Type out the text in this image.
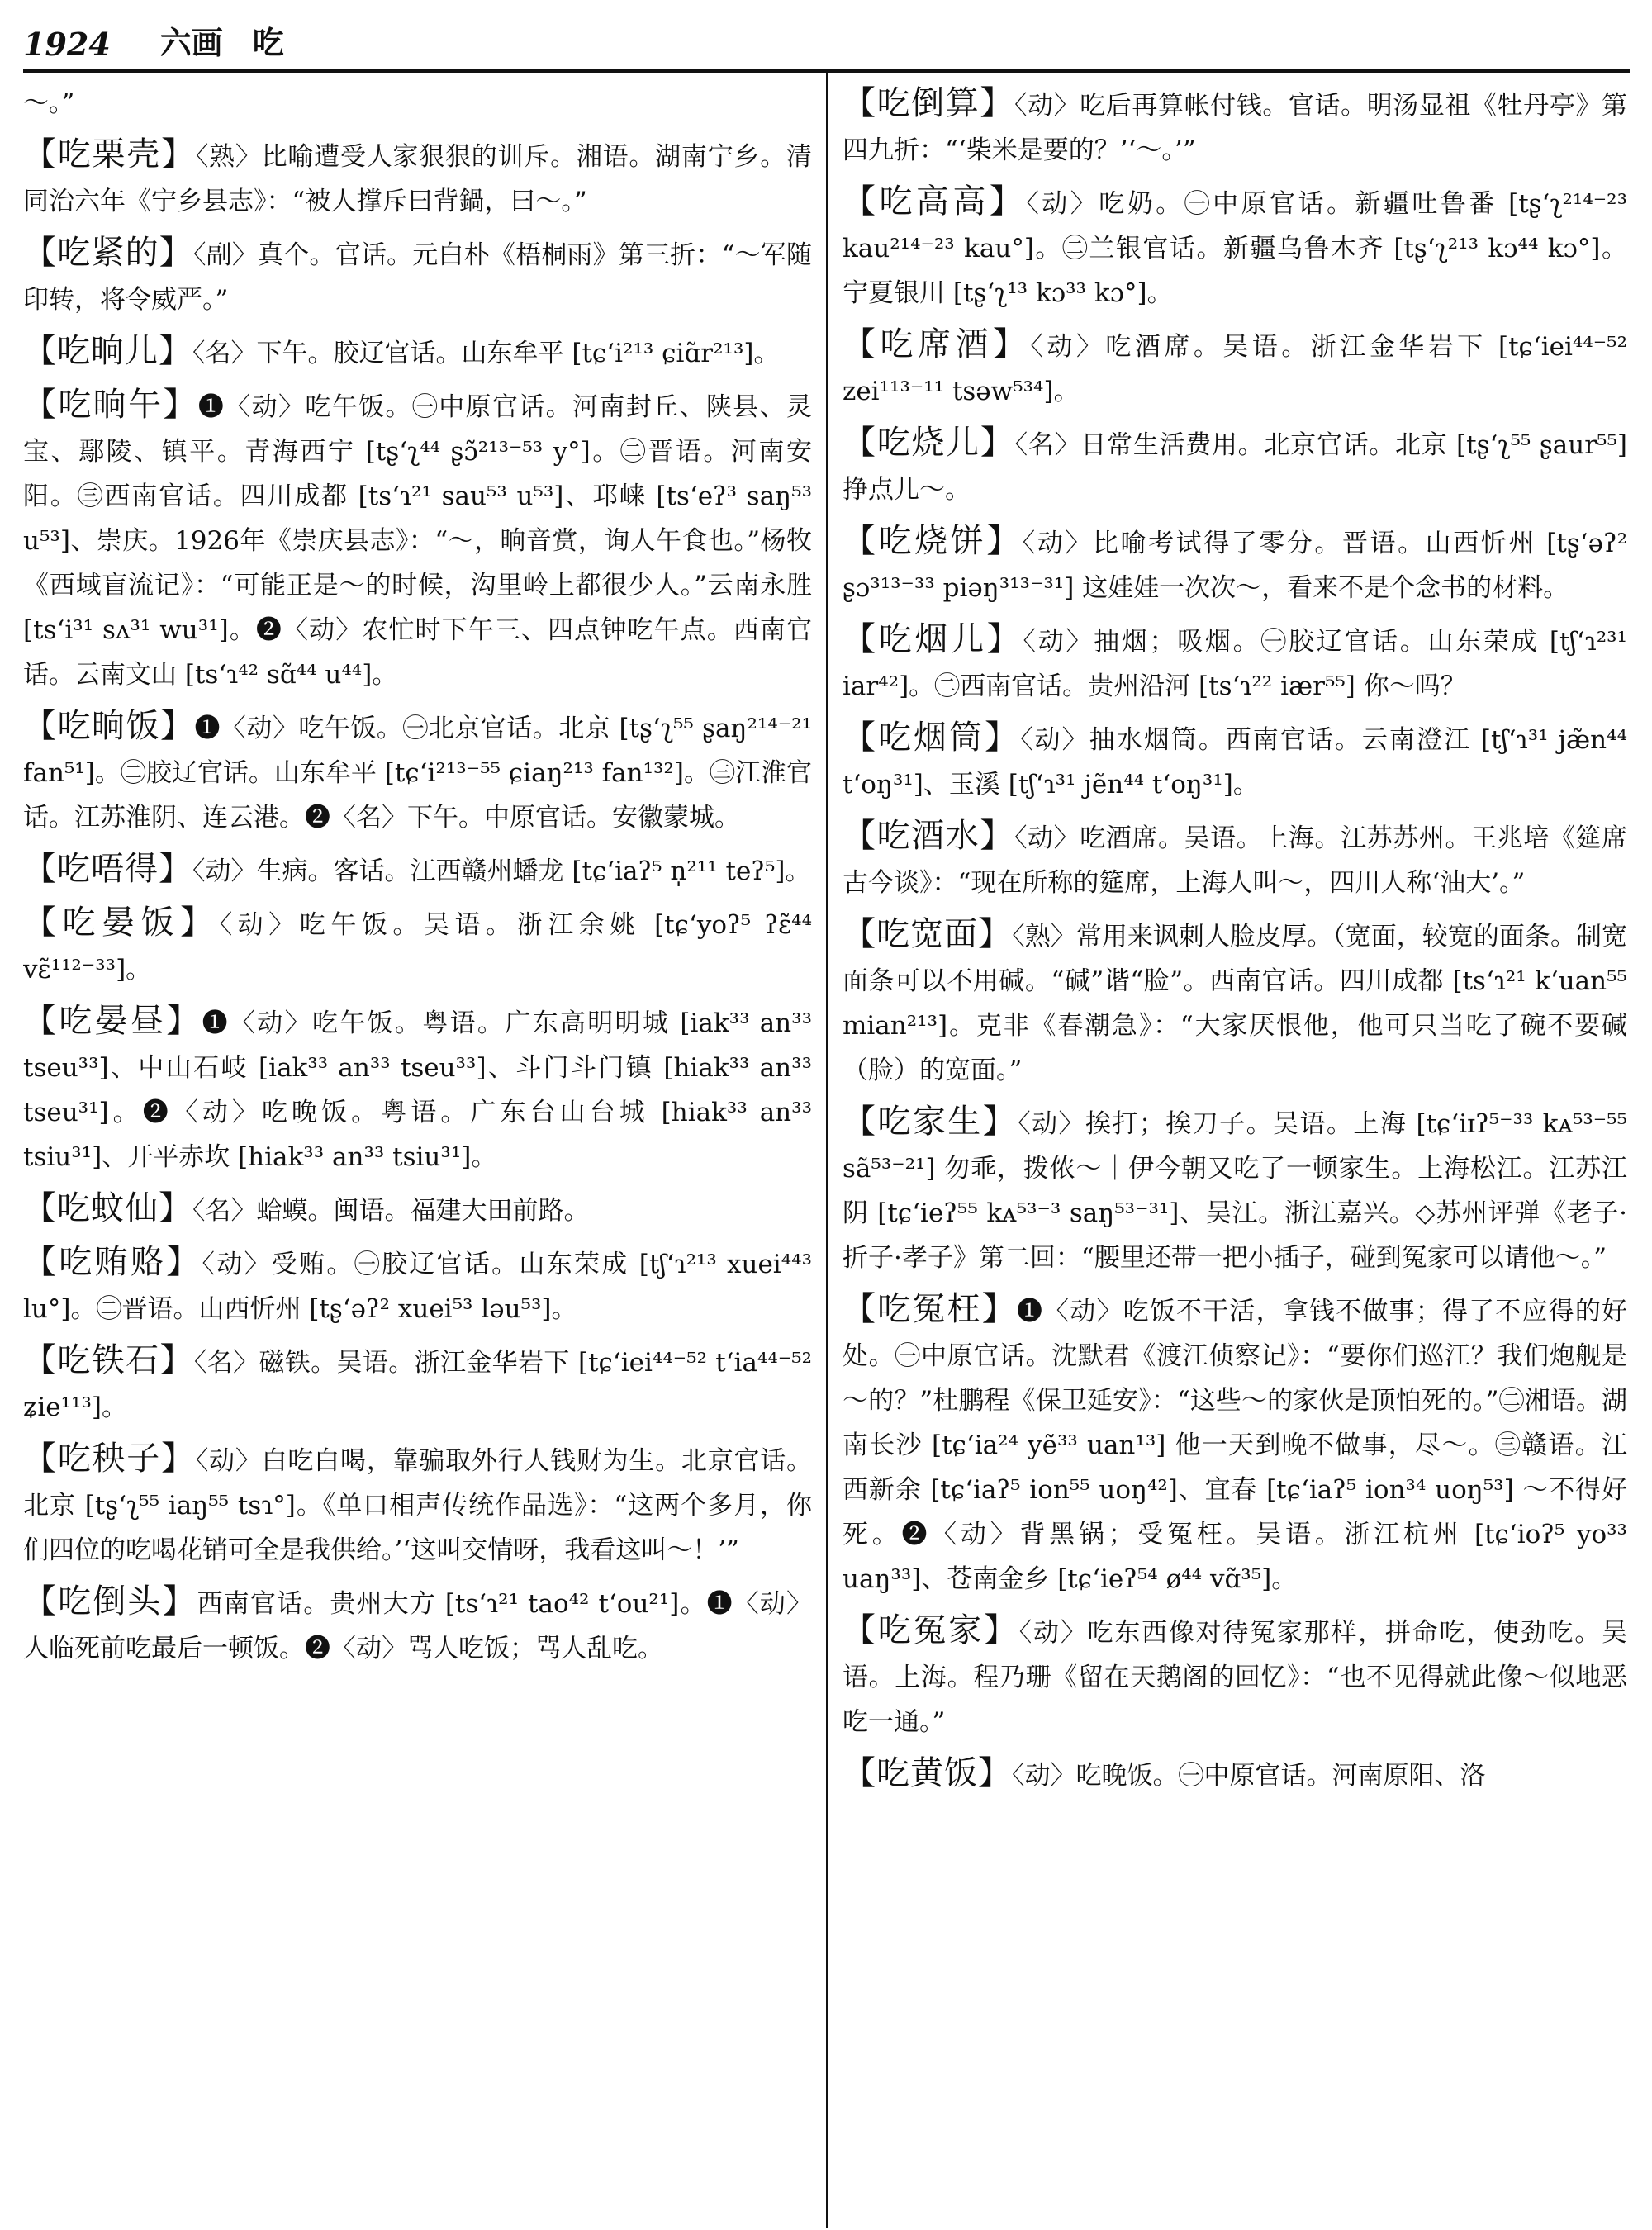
1924 六画 吃

～。”

【吃栗壳】〈熟〉比喻遭受人家狠狠的训斥。湘语。湖南宁乡。清同治六年《宁乡县志》：“被人撑斥曰背鍋，曰～。”

【吃紧的】〈副〉真个。官话。元白朴《梧桐雨》第三折：“～军随印转，将令威严。”

【吃晌儿】〈名〉下午。胶辽官话。山东牟平 [tɕʻi²¹³ ɕiɑ̃r²¹³]。

【吃晌午】❶〈动〉吃午饭。㊀中原官话。河南封丘、陕县、灵宝、鄢陵、镇平。青海西宁 [tʂʻʅ⁴⁴ ʂɔ̃²¹³⁻⁵³ y°]。㊁晋语。河南安阳。㊂西南官话。四川成都 [tsʻɿ²¹ sau⁵³ u⁵³]、邛崃 [tsʻeʔ³ saŋ⁵³ u⁵³]、崇庆。1926年《崇庆县志》：“～，晌音赏，询人午食也。”杨牧《西域盲流记》：“可能正是～的时候，沟里岭上都很少人。”云南永胜 [tsʻi³¹ sʌ³¹ wu³¹]。❷〈动〉农忙时下午三、四点钟吃午点。西南官话。云南文山 [tsʻɿ⁴² sɑ̃⁴⁴ u⁴⁴]。

【吃晌饭】❶〈动〉吃午饭。㊀北京官话。北京 [tʂʻʅ⁵⁵ ʂaŋ²¹⁴⁻²¹ fan⁵¹]。㊁胶辽官话。山东牟平 [tɕʻi²¹³⁻⁵⁵ ɕiaŋ²¹³ fan¹³²]。㊂江淮官话。江苏淮阴、连云港。❷〈名〉下午。中原官话。安徽蒙城。

【吃唔得】〈动〉生病。客话。江西赣州蟠龙 [tɕʻiaʔ⁵ n̩²¹¹ teʔ⁵]。

【吃晏饭】〈动〉吃午饭。吴语。浙江余姚 [tɕʻyoʔ⁵ ʔɛ̃⁴⁴ vɛ̃¹¹²⁻³³]。

【吃晏昼】❶〈动〉吃午饭。粤语。广东高明明城 [iak³³ an³³ tseu³³]、中山石岐 [iak³³ an³³ tseu³³]、斗门斗门镇 [hiak³³ an³³ tseu³¹]。❷〈动〉吃晚饭。粤语。广东台山台城 [hiak³³ an³³ tsiu³¹]、开平赤坎 [hiak³³ an³³ tsiu³¹]。

【吃蚊仙】〈名〉蛤蟆。闽语。福建大田前路。

【吃贿赂】〈动〉受贿。㊀胶辽官话。山东荣成 [tʃʻɿ²¹³ xuei⁴⁴³ lu°]。㊁晋语。山西忻州 [tʂʻəʔ² xuei⁵³ ləu⁵³]。

【吃铁石】〈名〉磁铁。吴语。浙江金华岩下 [tɕʻiei⁴⁴⁻⁵² tʻia⁴⁴⁻⁵² ʑie¹¹³]。

【吃秧子】〈动〉白吃白喝，靠骗取外行人钱财为生。北京官话。北京 [tʂʻʅ⁵⁵ iaŋ⁵⁵ tsɿ°]。《单口相声传统作品选》：“这两个多月，你们四位的吃喝花销可全是我供给。’‘这叫交情呀，我看这叫～！’”

【吃倒头】西南官话。贵州大方 [tsʻɿ²¹ tao⁴² tʻou²¹]。❶〈动〉人临死前吃最后一顿饭。❷〈动〉骂人吃饭；骂人乱吃。

【吃倒算】〈动〉吃后再算帐付钱。官话。明汤显祖《牡丹亭》第四九折：“‘柴米是要的？’‘～。’”

【吃高高】〈动〉吃奶。㊀中原官话。新疆吐鲁番 [tʂʻʅ²¹⁴⁻²³ kau²¹⁴⁻²³ kau°]。㊁兰银官话。新疆乌鲁木齐 [tʂʻʅ²¹³ kɔ⁴⁴ kɔ°]。宁夏银川 [tʂʻʅ¹³ kɔ³³ kɔ°]。

【吃席酒】〈动〉吃酒席。吴语。浙江金华岩下 [tɕʻiei⁴⁴⁻⁵² zei¹¹³⁻¹¹ tsəw⁵³⁴]。

【吃烧儿】〈名〉日常生活费用。北京官话。北京 [tʂʻʅ⁵⁵ ʂaur⁵⁵] 挣点儿～。

【吃烧饼】〈动〉比喻考试得了零分。晋语。山西忻州 [tʂʻəʔ² ʂɔ³¹³⁻³³ piəŋ³¹³⁻³¹] 这娃娃一次次～，看来不是个念书的材料。

【吃烟儿】〈动〉抽烟；吸烟。㊀胶辽官话。山东荣成 [tʃʻɿ²³¹ iar⁴²]。㊁西南官话。贵州沿河 [tsʻɿ²² iær⁵⁵] 你～吗？

【吃烟筒】〈动〉抽水烟筒。西南官话。云南澄江 [tʃʻɿ³¹ jæ̃n⁴⁴ tʻoŋ³¹]、玉溪 [tʃʻɿ³¹ jẽn⁴⁴ tʻoŋ³¹]。

【吃酒水】〈动〉吃酒席。吴语。上海。江苏苏州。王兆培《筵席古今谈》：“现在所称的筵席，上海人叫～，四川人称‘油大’。”

【吃宽面】〈熟〉常用来讽刺人脸皮厚。（宽面，较宽的面条。制宽面条可以不用碱。“碱”谐“脸”。西南官话。四川成都 [tsʻɿ²¹ kʻuan⁵⁵ mian²¹³]。克非《春潮急》：“大家厌恨他，他可只当吃了碗不要碱（脸）的宽面。”

【吃家生】〈动〉挨打；挨刀子。吴语。上海 [tɕʻiɪʔ⁵⁻³³ kᴀ⁵³⁻⁵⁵ sã⁵³⁻²¹] 勿乖，拨侬～｜伊今朝又吃了一顿家生。上海松江。江苏江阴 [tɕʻieʔ⁵⁵ kᴀ⁵³⁻³ saŋ⁵³⁻³¹]、吴江。浙江嘉兴。◇苏州评弹《老子·折子·孝子》第二回：“腰里还带一把小插子，碰到冤家可以请他～。”

【吃冤枉】❶〈动〉吃饭不干活，拿钱不做事；得了不应得的好处。㊀中原官话。沈默君《渡江侦察记》：“要你们巡江？我们炮舰是～的？”杜鹏程《保卫延安》：“这些～的家伙是顶怕死的。”㊁湘语。湖南长沙 [tɕʻia²⁴ yẽ³³ uan¹³] 他一天到晚不做事，尽～。㊂赣语。江西新余 [tɕʻiaʔ⁵ ion⁵⁵ uoŋ⁴²]、宜春 [tɕʻiaʔ⁵ ion³⁴ uoŋ⁵³] ～不得好死。❷〈动〉背黑锅；受冤枉。吴语。浙江杭州 [tɕʻioʔ⁵ yo³³ uaŋ³³]、苍南金乡 [tɕʻieʔ⁵⁴ ø⁴⁴ vɑ̃³⁵]。

【吃冤家】〈动〉吃东西像对待冤家那样，拼命吃，使劲吃。吴语。上海。程乃珊《留在天鹅阁的回忆》：“也不见得就此像～似地恶吃一通。”

【吃黄饭】〈动〉吃晚饭。㊀中原官话。河南原阳、洛
